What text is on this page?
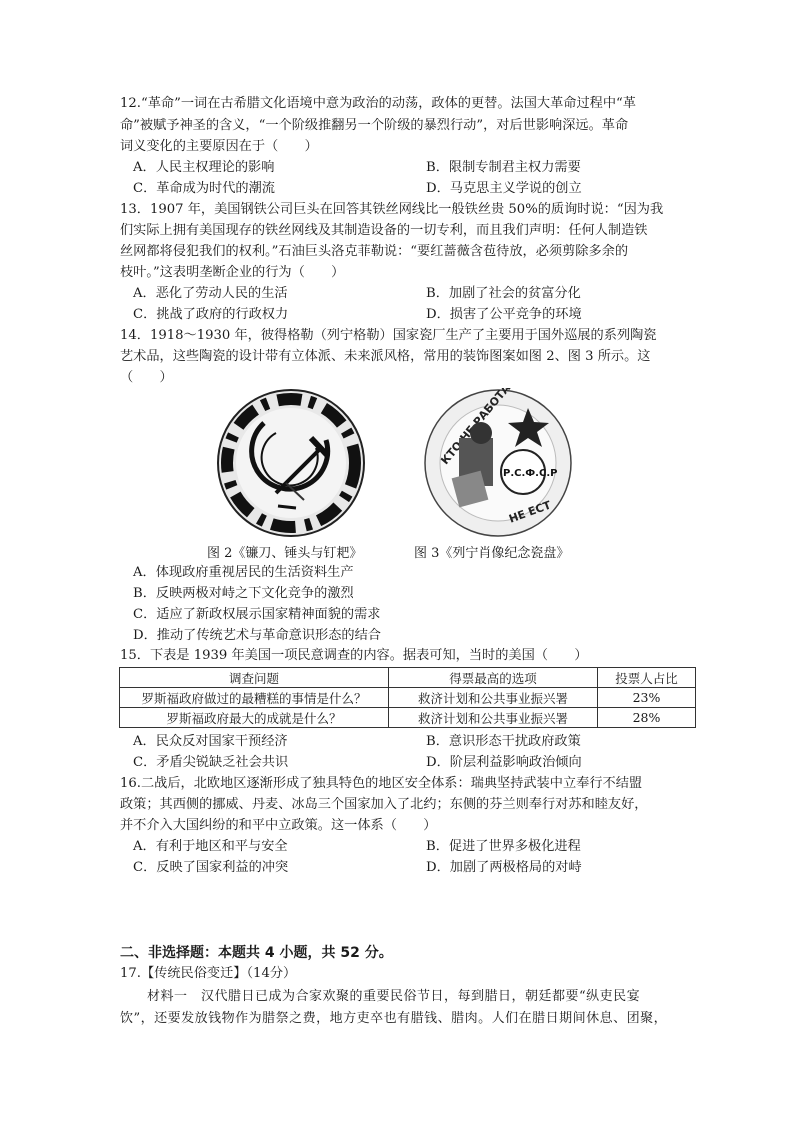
12.“革命”一词在古希腊文化语境中意为政治的动荡，政体的更替。法国大革命过程中“革
命”被赋予神圣的含义，“一个阶级推翻另一个阶级的暴烈行动”，对后世影响深远。革命
词义变化的主要原因在于（　　）
A．人民主权理论的影响	B．限制专制君主权力需要
C．革命成为时代的潮流	D．马克思主义学说的创立
13．1907 年，美国钢铁公司巨头在回答其铁丝网线比一般铁丝贵 50%的质询时说：“因为我
们实际上拥有美国现存的铁丝网线及其制造设备的一切专利，而且我们声明：任何人制造铁
丝网都将侵犯我们的权利。”石油巨头洛克菲勒说：“要红蔷薇含苞待放，必须剪除多余的
枝叶。”这表明垄断企业的行为（　　）
A．恶化了劳动人民的生活	B．加剧了社会的贫富分化
C．挑战了政府的行政权力	D．损害了公平竞争的环境
14．1918～1930 年，彼得格勒（列宁格勒）国家瓷厂生产了主要用于国外巡展的系列陶瓷
艺术品，这些陶瓷的设计带有立体派、未来派风格，常用的装饰图案如图 2、图 3 所示。这
（　　）
КТО НЕ РАБОТАЕТ
Р.С.Ф.С.Р
НЕ ЕСТ
图 2《镰刀、锤头与钉耙》	图 3《列宁肖像纪念瓷盘》
A．体现政府重视居民的生活资料生产
B．反映两极对峙之下文化竞争的激烈
C．适应了新政权展示国家精神面貌的需求
D．推动了传统艺术与革命意识形态的结合
15．下表是 1939 年美国一项民意调查的内容。据表可知，当时的美国（　　）
调查问题	得票最高的选项	投票人占比
罗斯福政府做过的最糟糕的事情是什么？	救济计划和公共事业振兴署	23%
罗斯福政府最大的成就是什么？	救济计划和公共事业振兴署	28%
A．民众反对国家干预经济	B．意识形态干扰政府政策
C．矛盾尖锐缺乏社会共识	D．阶层利益影响政治倾向
16.二战后，北欧地区逐渐形成了独具特色的地区安全体系：瑞典坚持武装中立奉行不结盟
政策；其西侧的挪威、丹麦、冰岛三个国家加入了北约；东侧的芬兰则奉行对苏和睦友好，
并不介入大国纠纷的和平中立政策。这一体系（　　）
A．有利于地区和平与安全	B．促进了世界多极化进程
C．反映了国家利益的冲突	D．加剧了两极格局的对峙
二、非选择题：本题共 4 小题，共 52 分。
17.【传统民俗变迁】（14分）
材料一　汉代腊日已成为合家欢聚的重要民俗节日，每到腊日，朝廷都要“纵吏民宴
饮”，还要发放钱物作为腊祭之费，地方吏卒也有腊钱、腊肉。人们在腊日期间休息、团聚，
